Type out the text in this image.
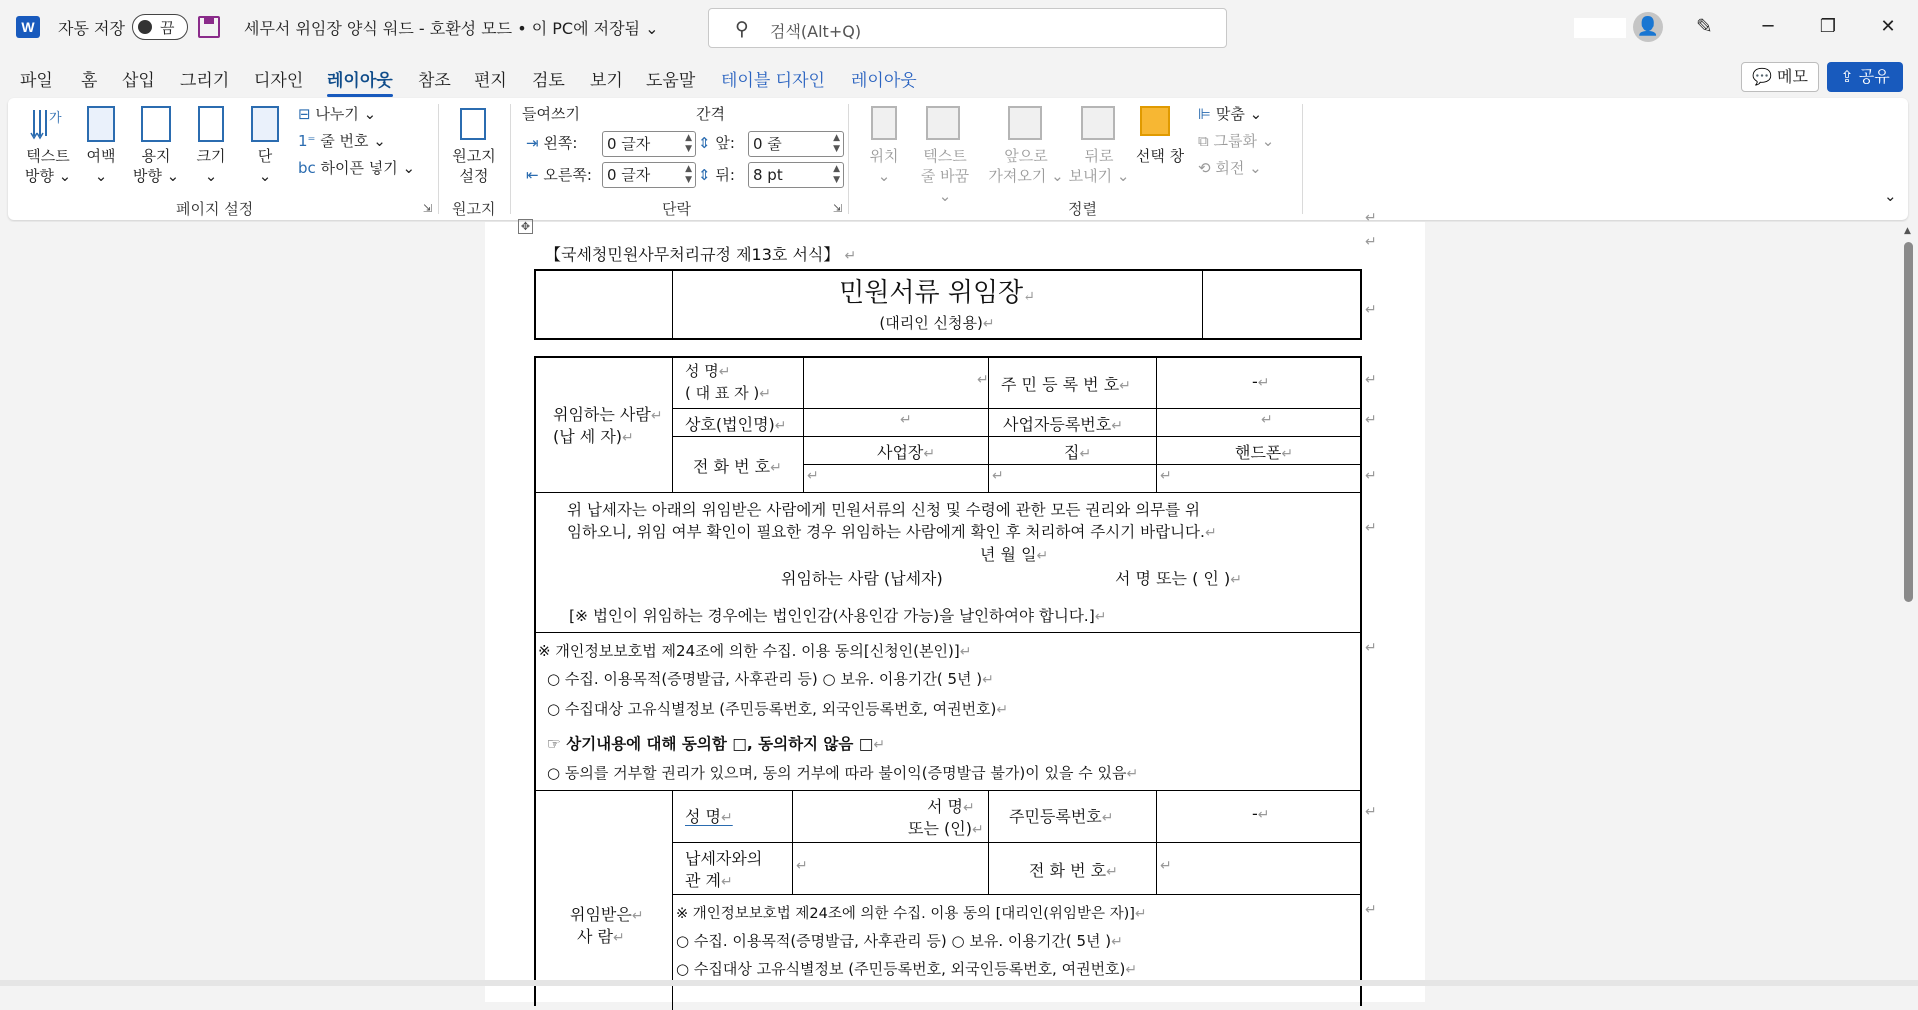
W	자동 저장 끔	세무서 위임장 양식 워드 - 호환성 모드 • 이 PC에 저장됨 ⌄	⚲ 검색(Alt+Q)	👤 ✎	─	❐	✕
파일 홈 삽입 그리기 디자인 레이아웃 참조 편지 검토 보기 도움말 테이블 디자인 레이아웃	💬 메모	⇪ 공유
가
텍스트
방향 ⌄
여백
⌄
용지
방향 ⌄
크기
⌄
단
⌄
⊟ 나누기 ⌄
1⁼ 줄 번호 ⌄
bc 하이픈 넣기 ⌄
페이지 설정	⇲
원고지
설정
원고지
들여쓰기	간격
⇥ 왼쪽:	0 글자	▲
▼
⇤ 오른쪽:	0 글자	▲
▼
⇕ 앞:	0 줄	▲
▼
⇕ 뒤:	8 pt	▲
▼
단락	⇲
위치
⌄
텍스트
줄 바꿈 ⌄
앞으로
가져오기 ⌄
뒤로
보내기 ⌄
선택 창
⊫ 맞춤 ⌄
⧉ 그룹화 ⌄
⟲ 회전 ⌄
정렬
⌄
✥
【국세청민원사무처리규정 제13호 서식】 ↵
민원서류 위임장↵
(대리인 신청용)↵
위임하는 사람↵
(납 세 자)↵
성 명↵
( 대 표 자 )↵
↵ 주 민 등 록 번 호↵	-↵
상호(법인명)↵	↵	사업자등록번호↵	↵
전 화 번 호↵
사업장↵	집↵	핸드폰↵
↵	↵	↵
위 납세자는 아래의 위임받은 사람에게 민원서류의 신청 및 수령에 관한 모든 권리와 의무를 위
임하오니, 위임 여부 확인이 필요한 경우 위임하는 사람에게 확인 후 처리하여 주시기 바랍니다.↵
년 월 일↵
위임하는 사람 (납세자)	서 명 또는 ( 인 )↵
[※ 법인이 위임하는 경우에는 법인인감(사용인감 가능)을 날인하여야 합니다.]↵
※ 개인정보보호법 제24조에 의한 수집. 이용 동의[신청인(본인)]↵
○ 수집. 이용목적(증명발급, 사후관리 등) ○ 보유. 이용기간( 5년 )↵
○ 수집대상 고유식별정보 (주민등록번호, 외국인등록번호, 여권번호)↵
☞ 상기내용에 대해 동의함 □, 동의하지 않음 □↵
○ 동의를 거부할 권리가 있으며, 동의 거부에 따라 불이익(증명발급 불가)이 있을 수 있음↵
위임받은↵
사 람↵
성 명↵
서 명↵
또는 (인)↵
주민등록번호↵	-↵
납세자와의
관 계↵
↵	전 화 번 호↵	↵
※ 개인정보보호법 제24조에 의한 수집. 이용 동의 [대리인(위임받은 자)]↵
○ 수집. 이용목적(증명발급, 사후관리 등) ○ 보유. 이용기간( 5년 )↵
○ 수집대상 고유식별정보 (주민등록번호, 외국인등록번호, 여권번호)↵
↵
↵
↵
↵
↵
↵
↵
↵
↵
↵
▲
